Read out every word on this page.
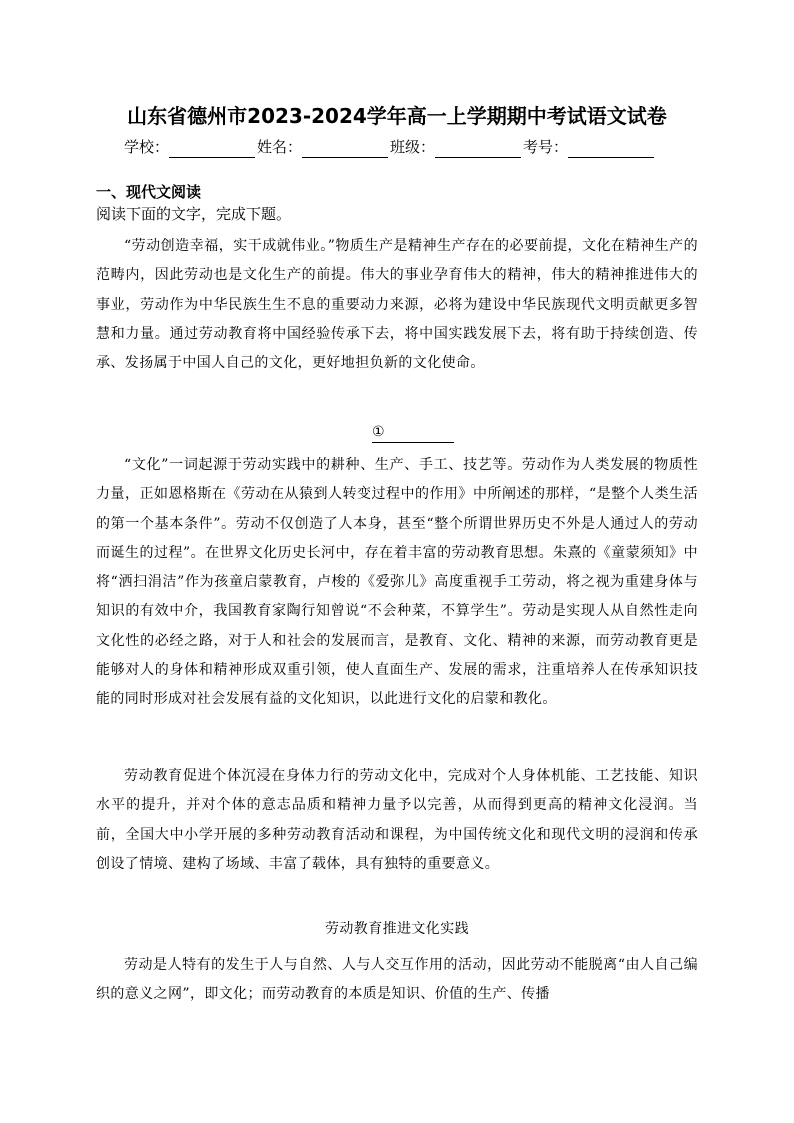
山东省德州市2023-2024学年高一上学期期中考试语文试卷
学校：	姓名：	班级：	考号：
一、现代文阅读
阅读下面的文字，完成下题。
“劳动创造幸福，实干成就伟业。”物质生产是精神生产存在的必要前提，文化在精神生产的范畴内，因此劳动也是文化生产的前提。伟大的事业孕育伟大的精神，伟大的精神推进伟大的事业，劳动作为中华民族生生不息的重要动力来源，必将为建设中华民族现代文明贡献更多智慧和力量。通过劳动教育将中国经验传承下去，将中国实践发展下去，将有助于持续创造、传承、发扬属于中国人自己的文化，更好地担负新的文化使命。
①
“文化”一词起源于劳动实践中的耕种、生产、手工、技艺等。劳动作为人类发展的物质性力量，正如恩格斯在《劳动在从猿到人转变过程中的作用》中所阐述的那样，“是整个人类生活的第一个基本条件”。劳动不仅创造了人本身，甚至“整个所谓世界历史不外是人通过人的劳动而诞生的过程”。在世界文化历史长河中，存在着丰富的劳动教育思想。朱熹的《童蒙须知》中将“洒扫涓洁”作为孩童启蒙教育，卢梭的《爱弥儿》高度重视手工劳动，将之视为重建身体与知识的有效中介，我国教育家陶行知曾说“不会种菜，不算学生”。劳动是实现人从自然性走向文化性的必经之路，对于人和社会的发展而言，是教育、文化、精神的来源，而劳动教育更是能够对人的身体和精神形成双重引领，使人直面生产、发展的需求，注重培养人在传承知识技能的同时形成对社会发展有益的文化知识，以此进行文化的启蒙和教化。
劳动教育促进个体沉浸在身体力行的劳动文化中，完成对个人身体机能、工艺技能、知识水平的提升，并对个体的意志品质和精神力量予以完善，从而得到更高的精神文化浸润。当前，全国大中小学开展的多种劳动教育活动和课程，为中国传统文化和现代文明的浸润和传承创设了情境、建构了场域、丰富了载体，具有独特的重要意义。
劳动教育推进文化实践
劳动是人特有的发生于人与自然、人与人交互作用的活动，因此劳动不能脱离“由人自己编织的意义之网”，即文化；而劳动教育的本质是知识、价值的生产、传播
